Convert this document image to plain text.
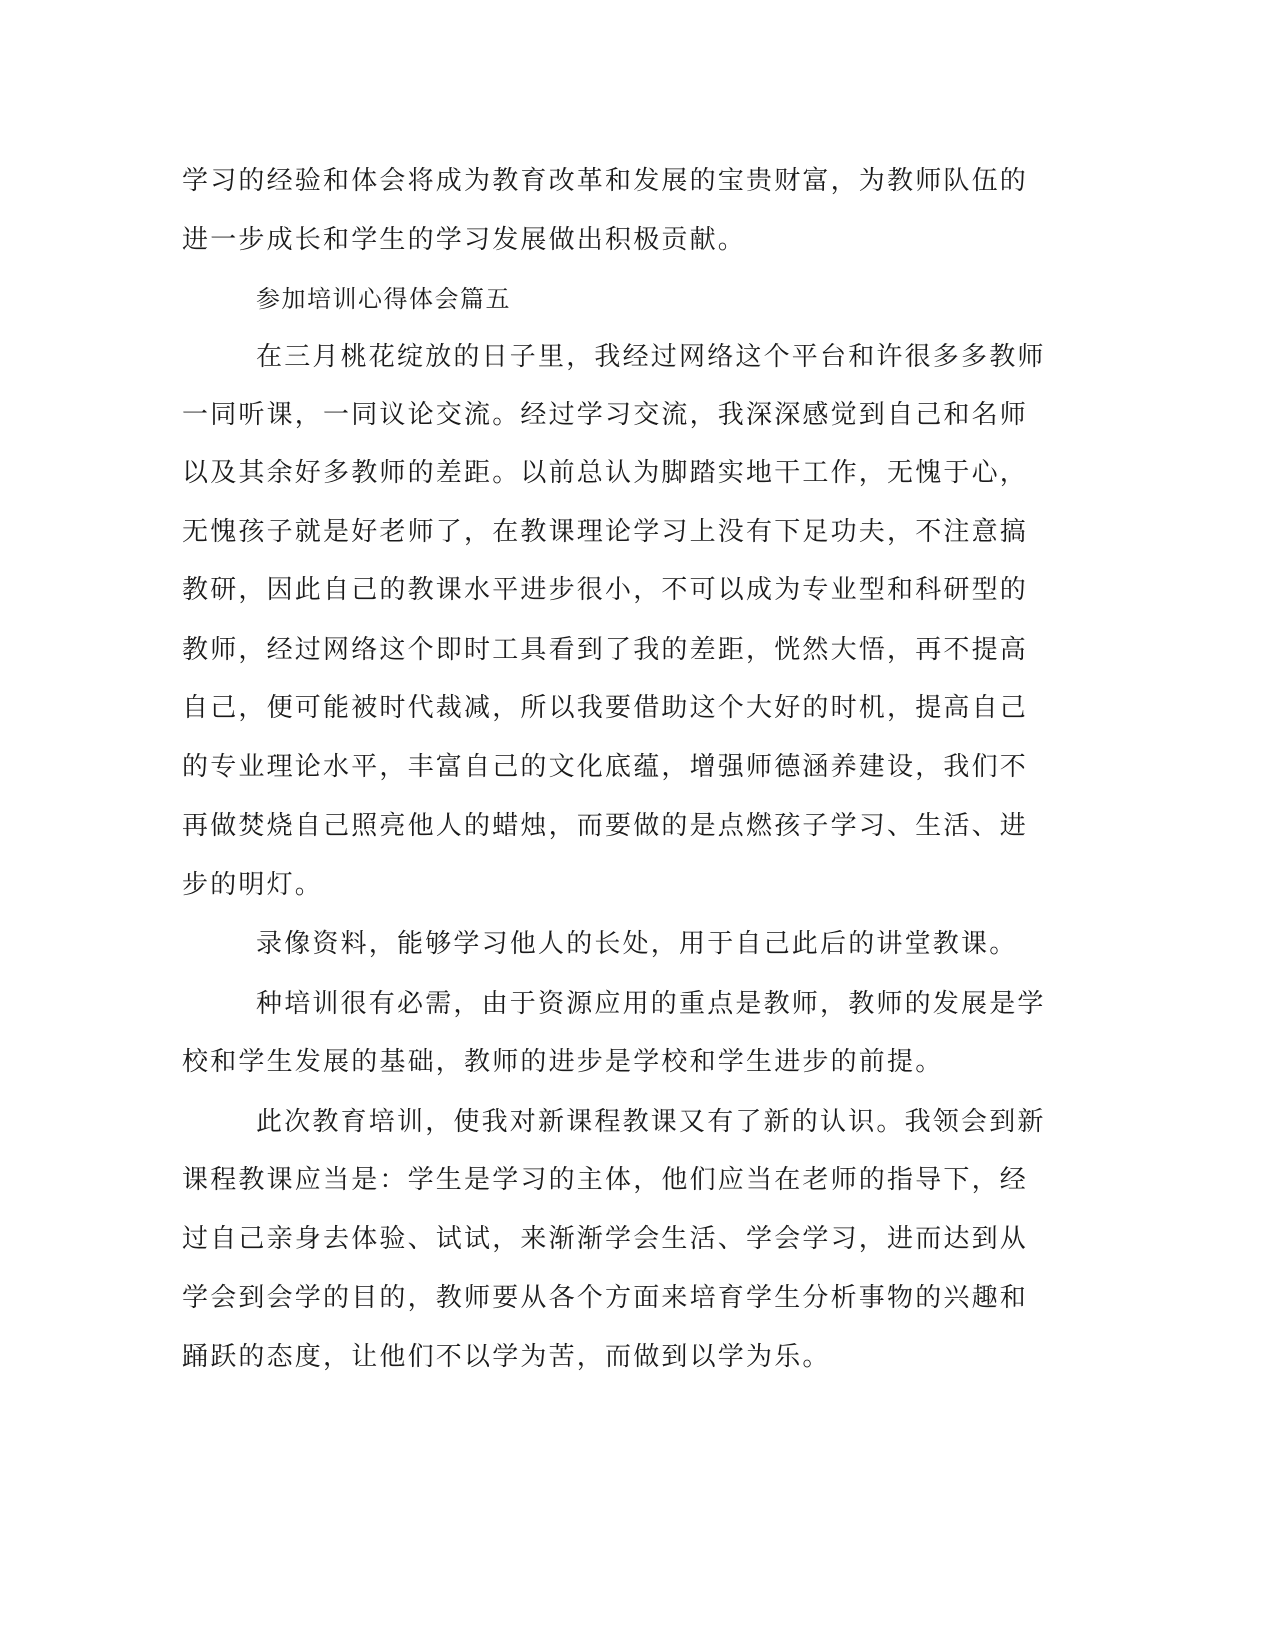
学习的经验和体会将成为教育改革和发展的宝贵财富，为教师队伍的

进一步成长和学生的学习发展做出积极贡献。

参加培训心得体会篇五

在三月桃花绽放的日子里，我经过网络这个平台和许很多多教师

一同听课，一同议论交流。经过学习交流，我深深感觉到自己和名师

以及其余好多教师的差距。以前总认为脚踏实地干工作，无愧于心，

无愧孩子就是好老师了，在教课理论学习上没有下足功夫，不注意搞

教研，因此自己的教课水平进步很小，不可以成为专业型和科研型的

教师，经过网络这个即时工具看到了我的差距，恍然大悟，再不提高

自己，便可能被时代裁减，所以我要借助这个大好的时机，提高自己

的专业理论水平，丰富自己的文化底蕴，增强师德涵养建设，我们不

再做焚烧自己照亮他人的蜡烛，而要做的是点燃孩子学习、生活、进

步的明灯。

录像资料，能够学习他人的长处，用于自己此后的讲堂教课。

种培训很有必需，由于资源应用的重点是教师，教师的发展是学

校和学生发展的基础，教师的进步是学校和学生进步的前提。

此次教育培训，使我对新课程教课又有了新的认识。我领会到新

课程教课应当是：学生是学习的主体，他们应当在老师的指导下，经

过自己亲身去体验、试试，来渐渐学会生活、学会学习，进而达到从

学会到会学的目的，教师要从各个方面来培育学生分析事物的兴趣和

踊跃的态度，让他们不以学为苦，而做到以学为乐。
